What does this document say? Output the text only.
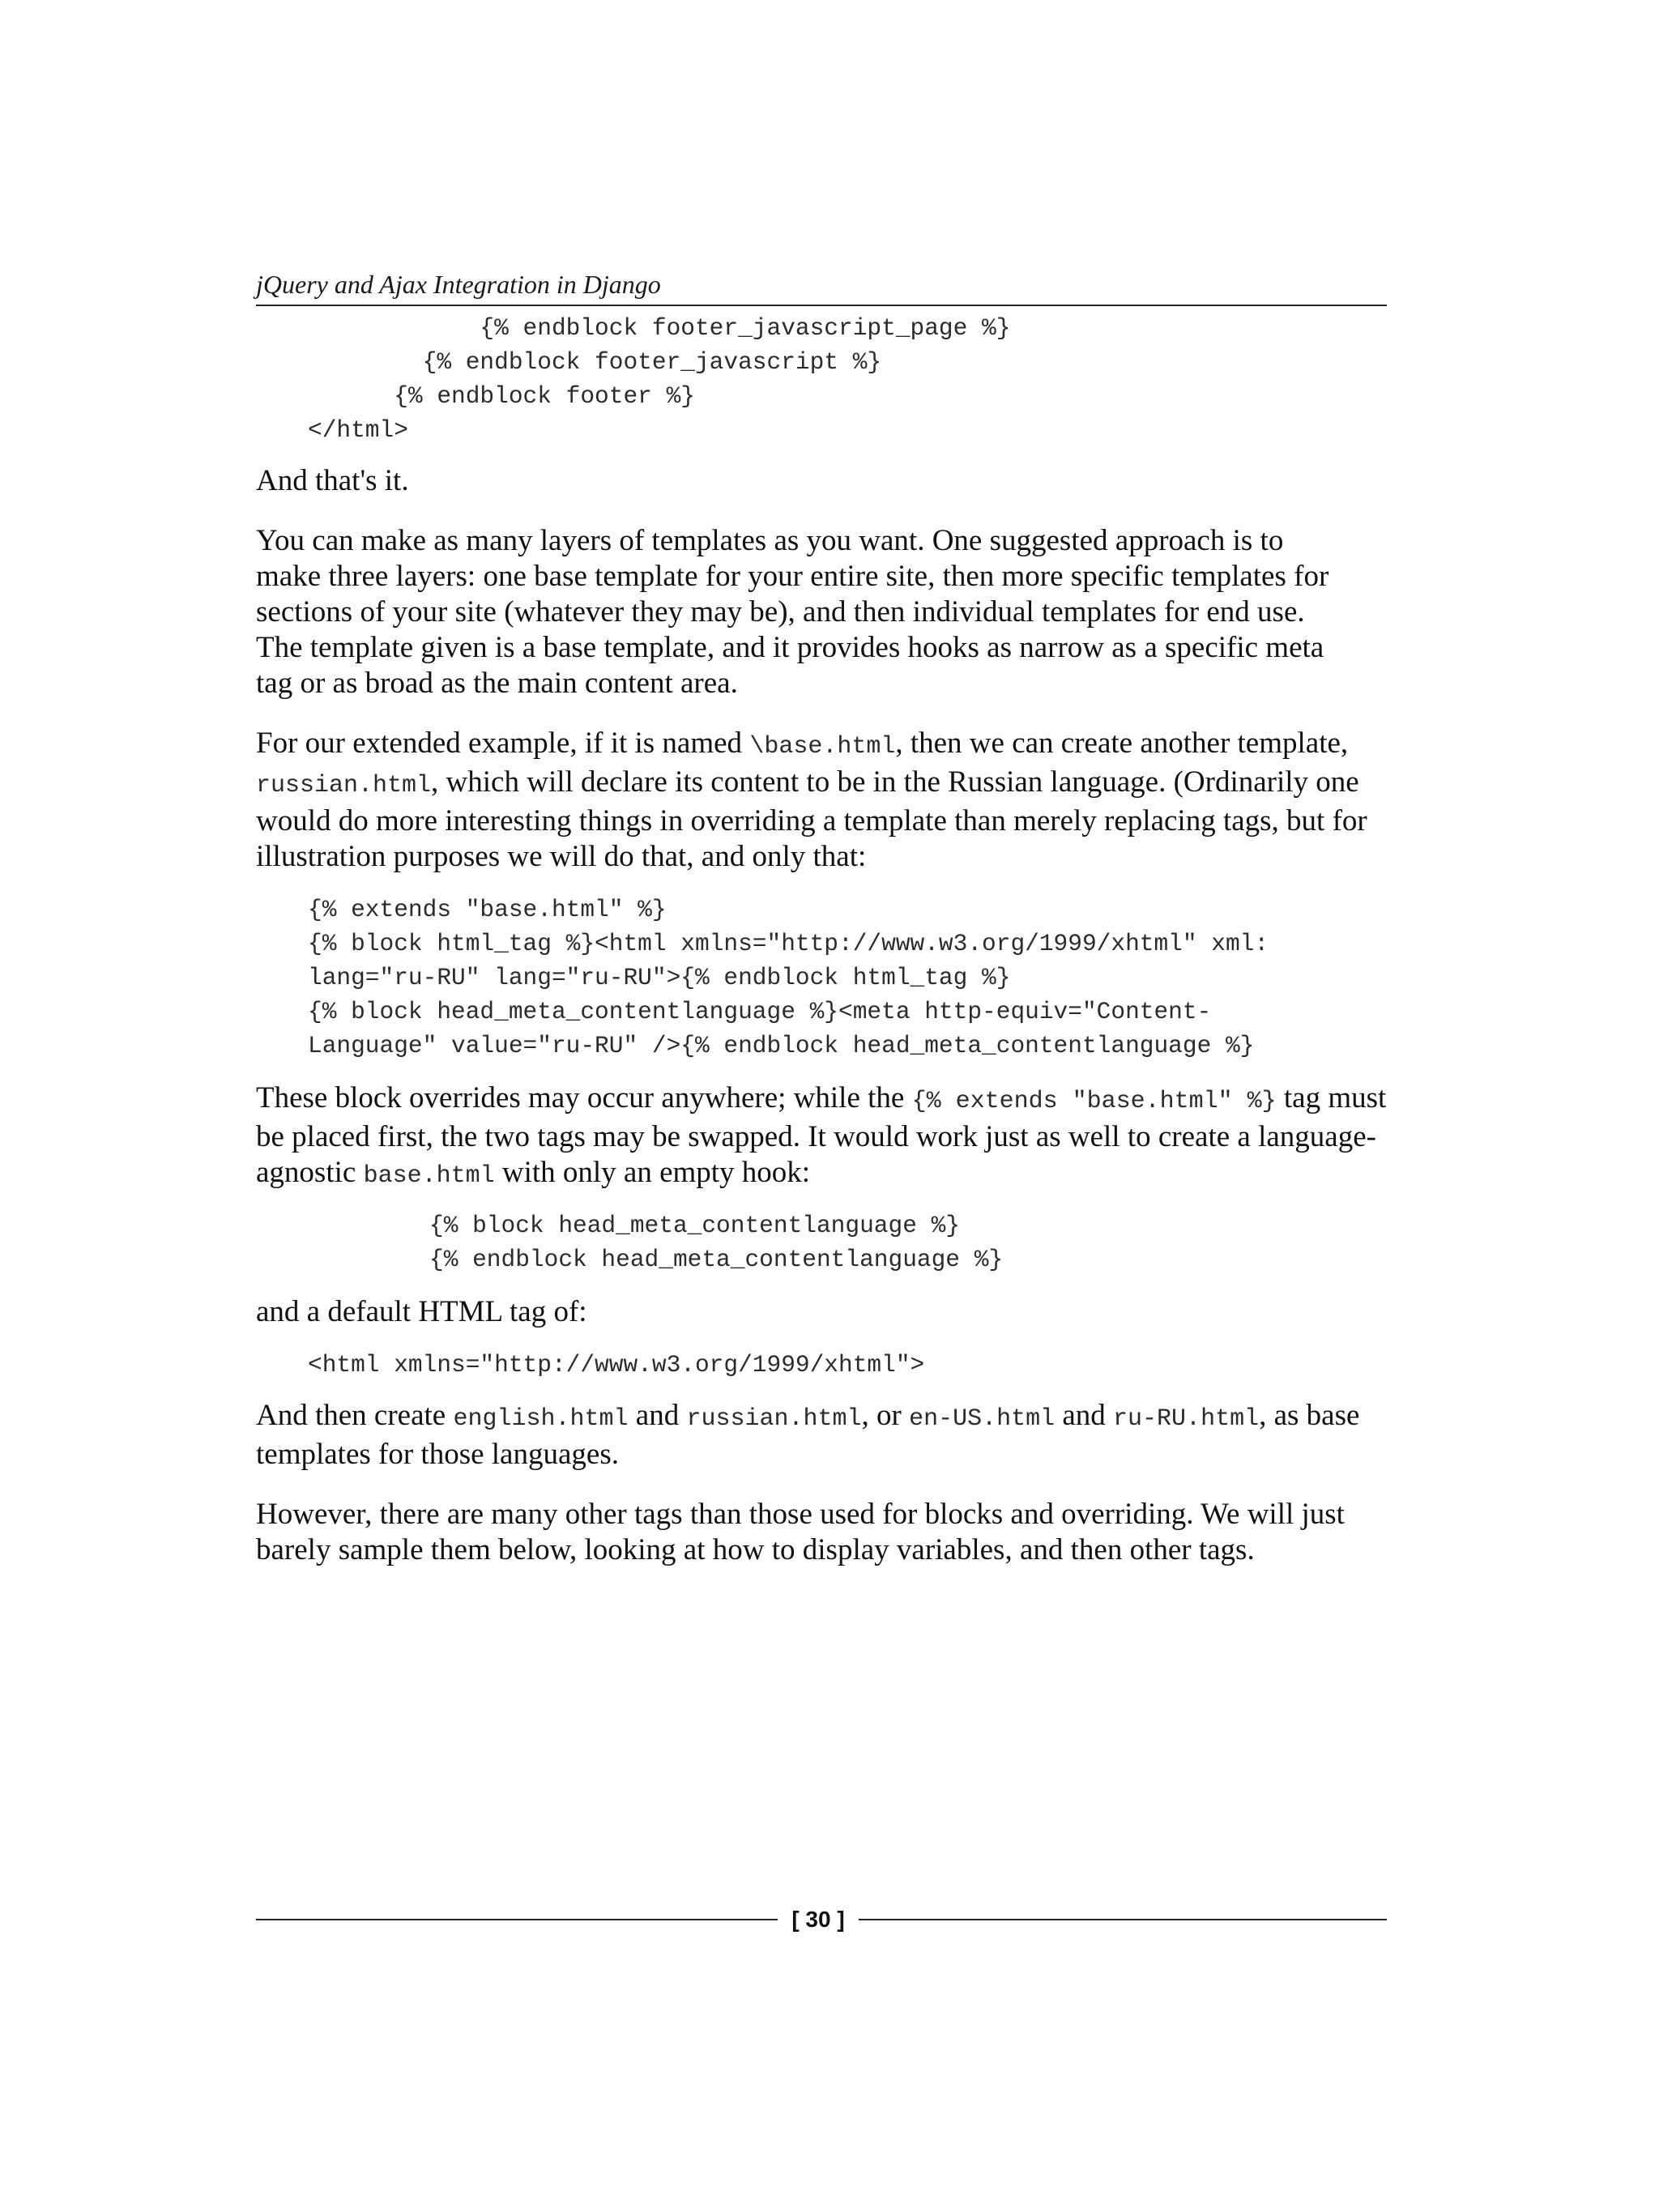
jQuery and Ajax Integration in Django
{% endblock footer_javascript_page %}
{% endblock footer_javascript %}
{% endblock footer %}
</html>

And that's it.

You can make as many layers of templates as you want. One suggested approach is to make three layers: one base template for your entire site, then more specific templates for sections of your site (whatever they may be), and then individual templates for end use. The template given is a base template, and it provides hooks as narrow as a specific meta tag or as broad as the main content area.

For our extended example, if it is named \base.html, then we can create another template, russian.html, which will declare its content to be in the Russian language. (Ordinarily one would do more interesting things in overriding a template than merely replacing tags, but for illustration purposes we will do that, and only that:

{% extends "base.html" %}
{% block html_tag %}<html xmlns="http://www.w3.org/1999/xhtml" xml:
lang="ru-RU" lang="ru-RU">{% endblock html_tag %}
{% block head_meta_contentlanguage %}<meta http-equiv="Content-
Language" value="ru-RU" />{% endblock head_meta_contentlanguage %}

These block overrides may occur anywhere; while the {% extends "base.html" %} tag must be placed first, the two tags may be swapped. It would work just as well to create a language-agnostic base.html with only an empty hook:

{% block head_meta_contentlanguage %}
{% endblock head_meta_contentlanguage %}

and a default HTML tag of:

<html xmlns="http://www.w3.org/1999/xhtml">

And then create english.html and russian.html, or en-US.html and ru-RU.html, as base templates for those languages.

However, there are many other tags than those used for blocks and overriding. We will just barely sample them below, looking at how to display variables, and then other tags.

[ 30 ]
